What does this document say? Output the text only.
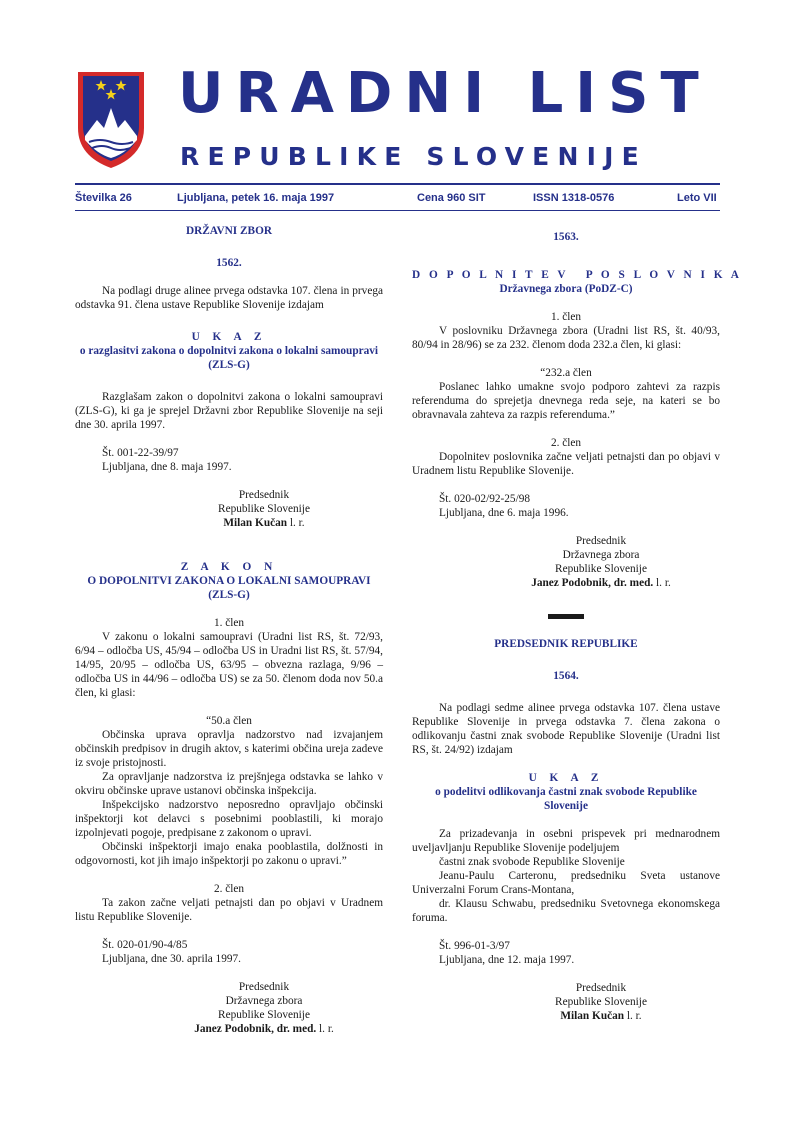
URADNI LIST
REPUBLIKE SLOVENIJE
Številka 26	Ljubljana, petek 16. maja 1997	Cena 960 SIT	ISSN 1318-0576	Leto VII

DRŽAVNI ZBOR

1562.

Na podlagi druge alinee prvega odstavka 107. člena in prvega odstavka 91. člena ustave Republike Slovenije izdajam

U K A Z

o razglasitvi zakona o dopolnitvi zakona o lokalni samoupravi (ZLS-G)

Razglašam zakon o dopolnitvi zakona o lokalni samoupravi (ZLS-G), ki ga je sprejel Državni zbor Republike Slovenije na seji dne 30. aprila 1997.

Št. 001-22-39/97

Ljubljana, dne 8. maja 1997.

Predsednik

Republike Slovenije

Milan Kučan l. r.

Z A K O N

O DOPOLNITVI ZAKONA O LOKALNI SAMOUPRAVI (ZLS-G)

1. člen

V zakonu o lokalni samoupravi (Uradni list RS, št. 72/93, 6/94 – odločba US, 45/94 – odločba US in Uradni list RS, št. 57/94, 14/95, 20/95 – odločba US, 63/95 – obvezna razlaga, 9/96 – odločba US in 44/96 – odločba US) se za 50. členom doda nov 50.a člen, ki glasi:

“50.a člen

Občinska uprava opravlja nadzorstvo nad izvajanjem občinskih predpisov in drugih aktov, s katerimi občina ureja zadeve iz svoje pristojnosti.

Za opravljanje nadzorstva iz prejšnjega odstavka se lahko v okviru občinske uprave ustanovi občinska inšpekcija.

Inšpekcijsko nadzorstvo neposredno opravljajo občinski inšpektorji kot delavci s posebnimi pooblastili, ki morajo izpolnjevati pogoje, predpisane z zakonom o upravi.

Občinski inšpektorji imajo enaka pooblastila, dolžnosti in odgovornosti, kot jih imajo inšpektorji po zakonu o upravi.”

2. člen

Ta zakon začne veljati petnajsti dan po objavi v Uradnem listu Republike Slovenije.

Št. 020-01/90-4/85

Ljubljana, dne 30. aprila 1997.

Predsednik

Državnega zbora

Republike Slovenije

Janez Podobnik, dr. med. l. r.

1563.

D O P O L N I T E V   P O S L O V N I K A

Državnega zbora (PoDZ-C)

1. člen

V poslovniku Državnega zbora (Uradni list RS, št. 40/93, 80/94 in 28/96) se za 232. členom doda 232.a člen, ki glasi:

“232.a člen

Poslanec lahko umakne svojo podporo zahtevi za razpis referenduma do sprejetja dnevnega reda seje, na kateri se bo obravnavala zahteva za razpis referenduma.”

2. člen

Dopolnitev poslovnika začne veljati petnajsti dan po objavi v Uradnem listu Republike Slovenije.

Št. 020-02/92-25/98

Ljubljana, dne 6. maja 1996.

Predsednik

Državnega zbora

Republike Slovenije

Janez Podobnik, dr. med. l. r.

PREDSEDNIK REPUBLIKE

1564.

Na podlagi sedme alinee prvega odstavka 107. člena ustave Republike Slovenije in prvega odstavka 7. člena zakona o odlikovanju častni znak svobode Republike Slovenije (Uradni list RS, št. 24/92) izdajam

U K A Z

o podelitvi odlikovanja častni znak svobode Republike Slovenije

Za prizadevanja in osebni prispevek pri mednarodnem uveljavljanju Republike Slovenije podeljujem

častni znak svobode Republike Slovenije

Jeanu-Paulu Carteronu, predsedniku Sveta ustanove Univerzalni Forum Crans-Montana,

dr. Klausu Schwabu, predsedniku Svetovnega ekonomskega foruma.

Št. 996-01-3/97

Ljubljana, dne 12. maja 1997.

Predsednik

Republike Slovenije

Milan Kučan l. r.
